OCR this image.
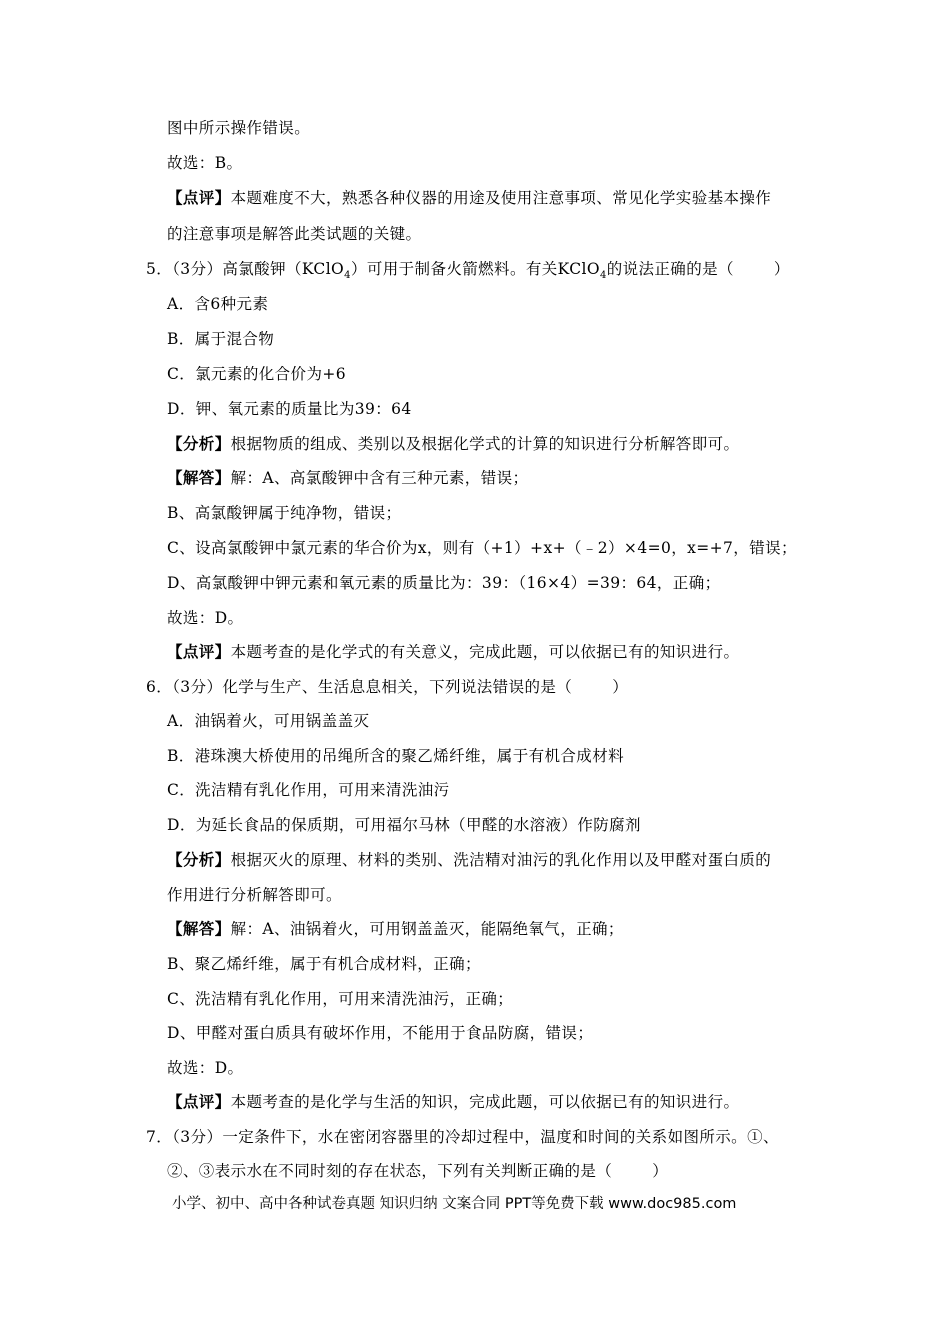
图中所示操作错误。
故选：B。
【点评】本题难度不大，熟悉各种仪器的用途及使用注意事项、常见化学实验基本操作
的注意事项是解答此类试题的关键。
5．（3分）高氯酸钾（KClO$_4$）可用于制备火箭燃料。有关KClO$_4$的说法正确的是（	）
A．含6种元素
B．属于混合物
C．氯元素的化合价为+6
D．钾、氧元素的质量比为39：64
【分析】根据物质的组成、类别以及根据化学式的计算的知识进行分析解答即可。
【解答】解：A、高氯酸钾中含有三种元素，错误；
B、高氯酸钾属于纯净物，错误；
C、设高氯酸钾中氯元素的华合价为x，则有（+1）+x+（﹣2）×4=0，x=+7，错误；
D、高氯酸钾中钾元素和氧元素的质量比为：39：（16×4）=39：64，正确；
故选：D。
【点评】本题考查的是化学式的有关意义，完成此题，可以依据已有的知识进行。
6．（3分）化学与生产、生活息息相关，下列说法错误的是（	）
A．油锅着火，可用锅盖盖灭
B．港珠澳大桥使用的吊绳所含的聚乙烯纤维，属于有机合成材料
C．洗洁精有乳化作用，可用来清洗油污
D．为延长食品的保质期，可用福尔马林（甲醛的水溶液）作防腐剂
【分析】根据灭火的原理、材料的类别、洗洁精对油污的乳化作用以及甲醛对蛋白质的
作用进行分析解答即可。
【解答】解：A、油锅着火，可用钢盖盖灭，能隔绝氧气，正确；
B、聚乙烯纤维，属于有机合成材料，正确；
C、洗洁精有乳化作用，可用来清洗油污，正确；
D、甲醛对蛋白质具有破坏作用，不能用于食品防腐，错误；
故选：D。
【点评】本题考查的是化学与生活的知识，完成此题，可以依据已有的知识进行。
7．（3分）一定条件下，水在密闭容器里的冷却过程中，温度和时间的关系如图所示。①、
②、③表示水在不同时刻的存在状态，下列有关判断正确的是（	）
小学、初中、高中各种试卷真题 知识归纳 文案合同 PPT等免费下载 www.doc985.com
